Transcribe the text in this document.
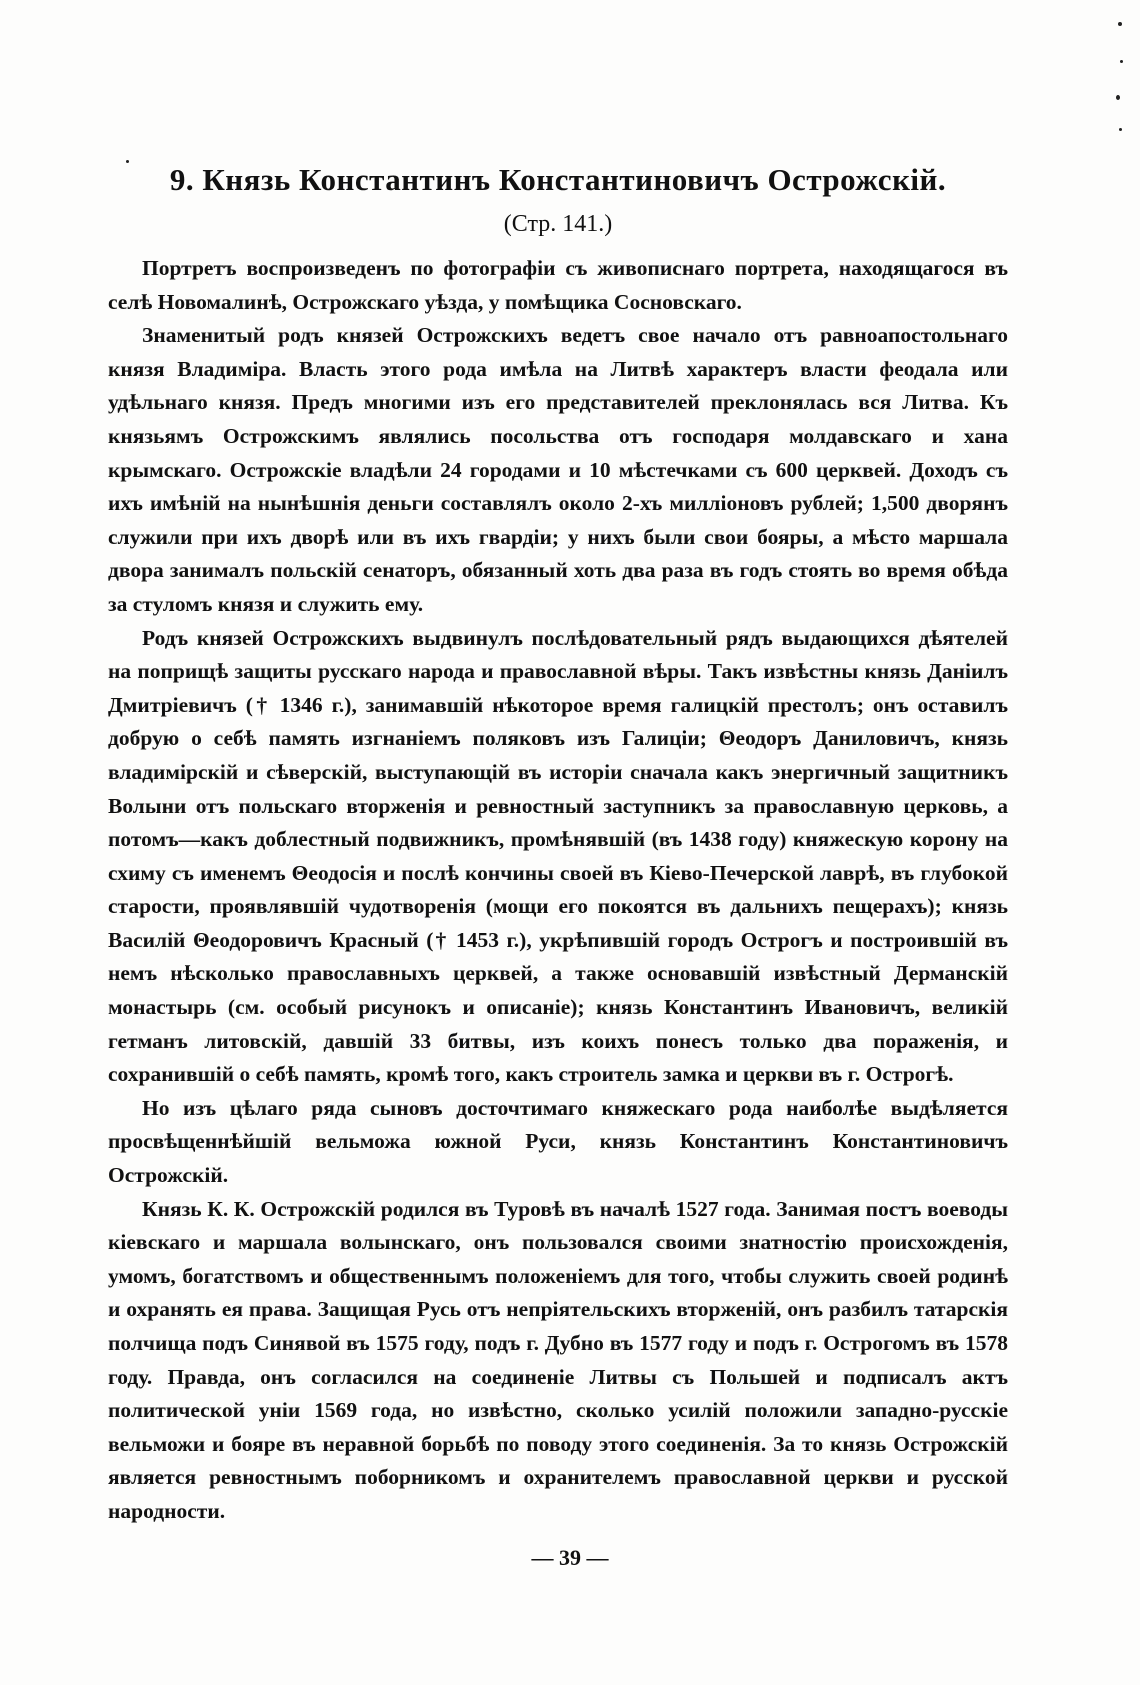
9. Князь Константинъ Константиновичъ Острожскій.
(Стр. 141.)

Портретъ воспроизведенъ по фотографіи съ живописнаго портрета, находящагося въ селѣ Новомалинѣ, Острожскаго уѣзда, у помѣщика Сосновскаго.

Знаменитый родъ князей Острожскихъ ведетъ свое начало отъ равноапостольнаго князя Владиміра. Власть этого рода имѣла на Литвѣ характеръ власти феодала или удѣльнаго князя. Предъ многими изъ его представителей преклонялась вся Литва. Къ князьямъ Острожскимъ являлись посольства отъ господаря молдавскаго и хана крымскаго. Острожскіе владѣли 24 городами и 10 мѣстечками съ 600 церквей. Доходъ съ ихъ имѣній на нынѣшнія деньги составлялъ около 2-хъ милліоновъ рублей; 1,500 дворянъ служили при ихъ дворѣ или въ ихъ гвардіи; у нихъ были свои бояры, а мѣсто маршала двора занималъ польскій сенаторъ, обязанный хоть два раза въ годъ стоять во время обѣда за стуломъ князя и служить ему.

Родъ князей Острожскихъ выдвинулъ послѣдовательный рядъ выдающихся дѣятелей на поприщѣ защиты русскаго народа и православной вѣры. Такъ извѣстны князь Даніилъ Дмитріевичъ († 1346 г.), занимавшій нѣкоторое время галицкій престолъ; онъ оставилъ добрую о себѣ память изгнаніемъ поляковъ изъ Галиціи; Θеодоръ Даниловичъ, князь владимірскій и сѣверскій, выступающій въ исторіи сначала какъ энергичный защитникъ Волыни отъ польскаго вторженія и ревностный заступникъ за православную церковь, а потомъ—какъ доблестный подвижникъ, промѣнявшій (въ 1438 году) княжескую корону на схиму съ именемъ Θеодосія и послѣ кончины своей въ Кіево-Печерской лаврѣ, въ глубокой старости, проявлявшій чудотворенія (мощи его покоятся въ дальнихъ пещерахъ); князь Василій Θеодоровичъ Красный († 1453 г.), укрѣпившій городъ Острогъ и построившій въ немъ нѣсколько православныхъ церквей, а также основавшій извѣстный Дерманскій монастырь (см. особый рисунокъ и описаніе); князь Константинъ Ивановичъ, великій гетманъ литовскій, давшій 33 битвы, изъ коихъ понесъ только два пораженія, и сохранившій о себѣ память, кромѣ того, какъ строитель замка и церкви въ г. Острогѣ.

Но изъ цѣлаго ряда сыновъ досточтимаго княжескаго рода наиболѣе выдѣляется просвѣщеннѣйшій вельможа южной Руси, князь Константинъ Константиновичъ Острожскій.

Князь К. К. Острожскій родился въ Туровѣ въ началѣ 1527 года. Занимая постъ воеводы кіевскаго и маршала волынскаго, онъ пользовался своими знатностію происхожденія, умомъ, богатствомъ и общественнымъ положеніемъ для того, чтобы служить своей родинѣ и охранять ея права. Защищая Русь отъ непріятельскихъ вторженій, онъ разбилъ татарскія полчища подъ Синявой въ 1575 году, подъ г. Дубно въ 1577 году и подъ г. Острогомъ въ 1578 году. Правда, онъ согласился на соединеніе Литвы съ Польшей и подписалъ актъ политической уніи 1569 года, но извѣстно, сколько усилій положили западно-русскіе вельможи и бояре въ неравной борьбѣ по поводу этого соединенія. За то князь Острожскій является ревностнымъ поборникомъ и охранителемъ православной церкви и русской народности.

— 39 —
